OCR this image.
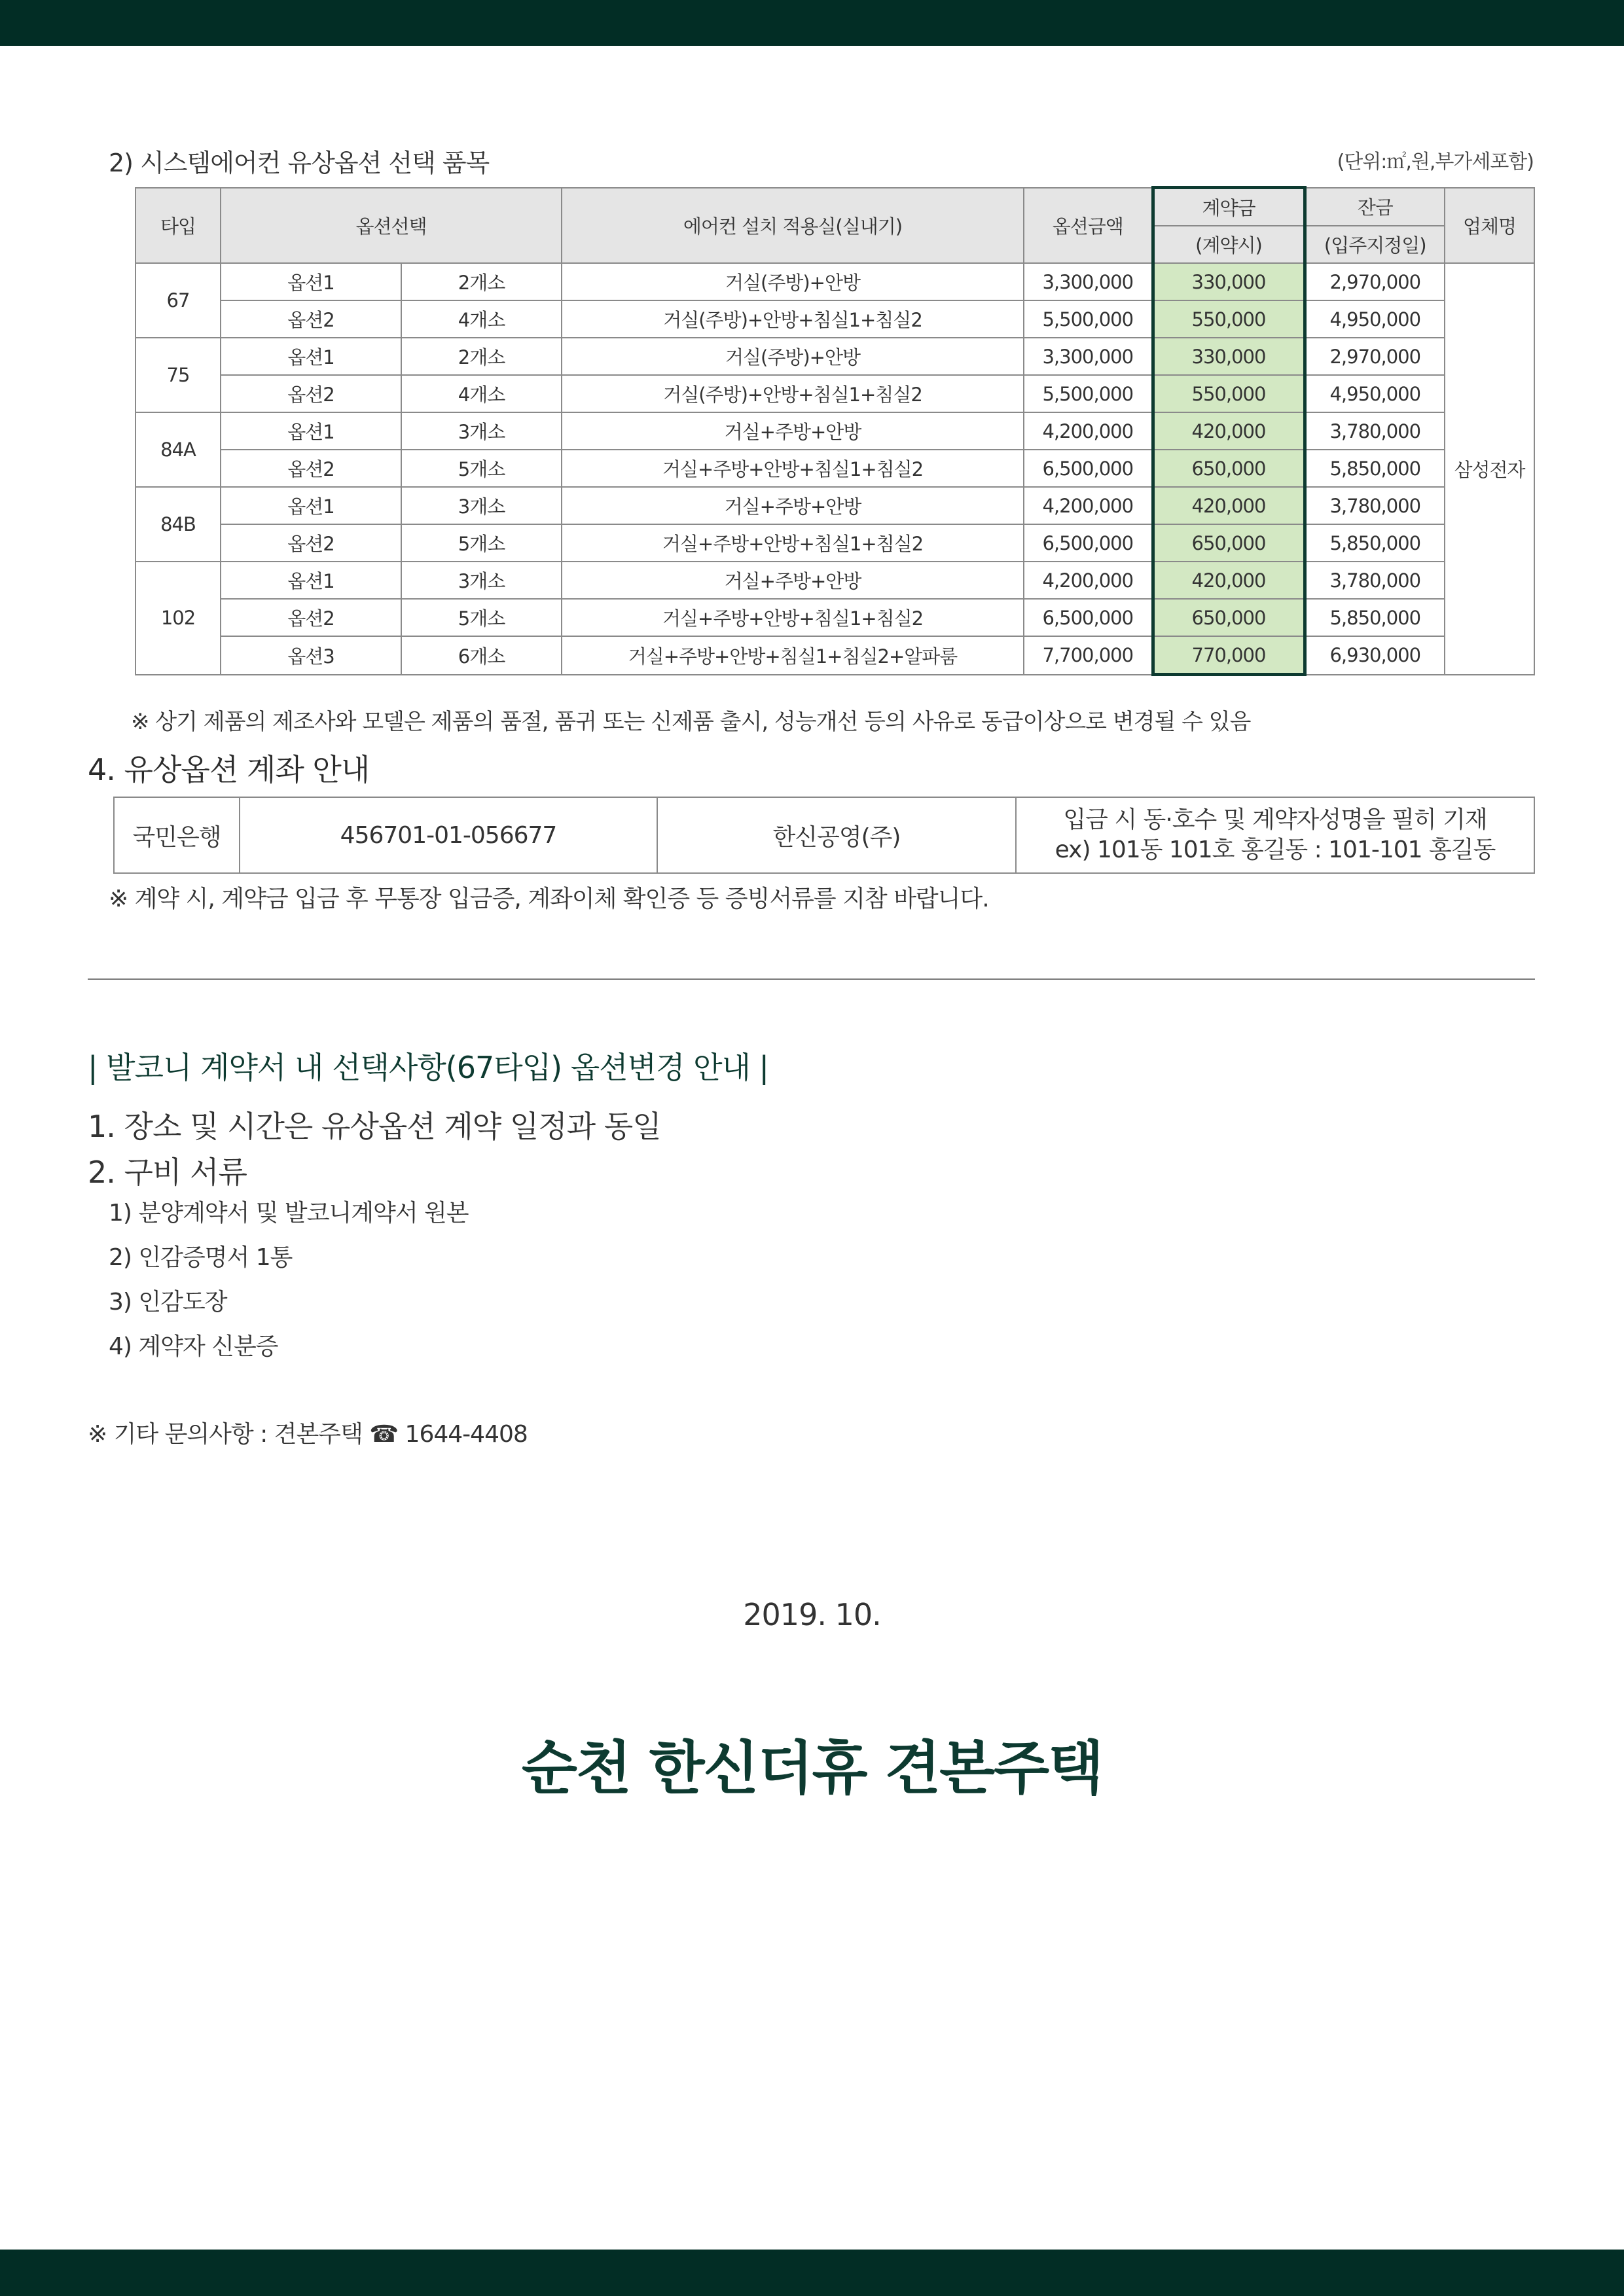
2) 시스템에어컨 유상옵션 선택 품목	(단위:㎡,원,부가세포함)
타입	옵션선택		에어컨 설치 적용실(실내기)	옵션금액	계약금	잔금	업체명
					(계약시)	(입주지정일)	
67	옵션1	2개소	거실(주방)+안방	3,300,000	330,000	2,970,000	삼성전자
	옵션2	4개소	거실(주방)+안방+침실1+침실2	5,500,000	550,000	4,950,000	
75	옵션1	2개소	거실(주방)+안방	3,300,000	330,000	2,970,000	
	옵션2	4개소	거실(주방)+안방+침실1+침실2	5,500,000	550,000	4,950,000	
84A	옵션1	3개소	거실+주방+안방	4,200,000	420,000	3,780,000	
	옵션2	5개소	거실+주방+안방+침실1+침실2	6,500,000	650,000	5,850,000	
84B	옵션1	3개소	거실+주방+안방	4,200,000	420,000	3,780,000	
	옵션2	5개소	거실+주방+안방+침실1+침실2	6,500,000	650,000	5,850,000	
102	옵션1	3개소	거실+주방+안방	4,200,000	420,000	3,780,000	
	옵션2	5개소	거실+주방+안방+침실1+침실2	6,500,000	650,000	5,850,000	
	옵션3	6개소	거실+주방+안방+침실1+침실2+알파룸	7,700,000	770,000	6,930,000	
※ 상기 제품의 제조사와 모델은 제품의 품절, 품귀 또는 신제품 출시, 성능개선 등의 사유로 동급이상으로 변경될 수 있음
4. 유상옵션 계좌 안내
국민은행	456701-01-056677	한신공영(주)	
입금 시 동·호수 및 계약자성명을 필히 기재
ex) 101동 101호 홍길동 : 101-101 홍길동
※ 계약 시, 계약금 입금 후 무통장 입금증, 계좌이체 확인증 등 증빙서류를 지참 바랍니다.
| 발코니 계약서 내 선택사항(67타입) 옵션변경 안내 |
1. 장소 및 시간은 유상옵션 계약 일정과 동일
2. 구비 서류
1) 분양계약서 및 발코니계약서 원본
2) 인감증명서 1통
3) 인감도장
4) 계약자 신분증
※ 기타 문의사항 : 견본주택 ☎ 1644-4408
2019. 10.
순천 한신더휴 견본주택
